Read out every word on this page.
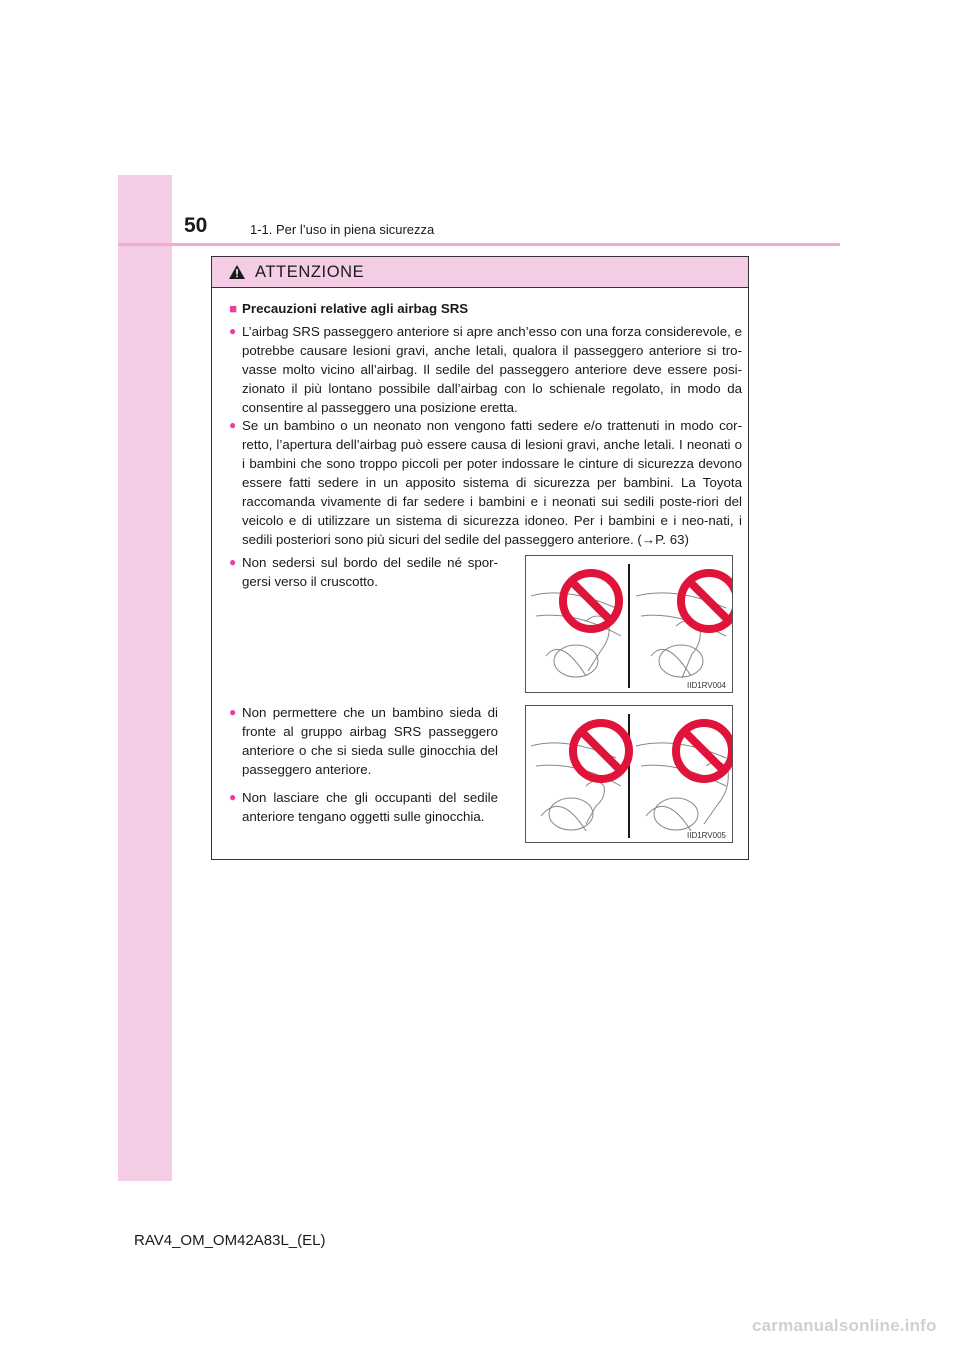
50	1-1. Per l’uso in piena sicurezza
ATTENZIONE
■ Precauzioni relative agli airbag SRS
● L’airbag SRS passeggero anteriore si apre anch’esso con una forza considerevole, e potrebbe causare lesioni gravi, anche letali, qualora il passeggero anteriore si tro-vasse molto vicino all’airbag. Il sedile del passeggero anteriore deve essere posi-zionato il più lontano possibile dall’airbag con lo schienale regolato, in modo da consentire al passeggero una posizione eretta.
● Se un bambino o un neonato non vengono fatti sedere e/o trattenuti in modo cor-retto, l’apertura dell’airbag può essere causa di lesioni gravi, anche letali. I neonati o i bambini che sono troppo piccoli per poter indossare le cinture di sicurezza devono essere fatti sedere in un apposito sistema di sicurezza per bambini. La Toyota raccomanda vivamente di far sedere i bambini e i neonati sui sedili poste-riori del veicolo e di utilizzare un sistema di sicurezza idoneo. Per i bambini e i neo-nati, i sedili posteriori sono più sicuri del sedile del passeggero anteriore. (→P. 63)
● Non sedersi sul bordo del sedile né spor-gersi verso il cruscotto.
● Non permettere che un bambino sieda di fronte al gruppo airbag SRS passeggero anteriore o che si sieda sulle ginocchia del passeggero anteriore.
● Non lasciare che gli occupanti del sedile anteriore tengano oggetti sulle ginocchia.
IID1RV004
IID1RV005
RAV4_OM_OM42A83L_(EL)
carmanualsonline.info
